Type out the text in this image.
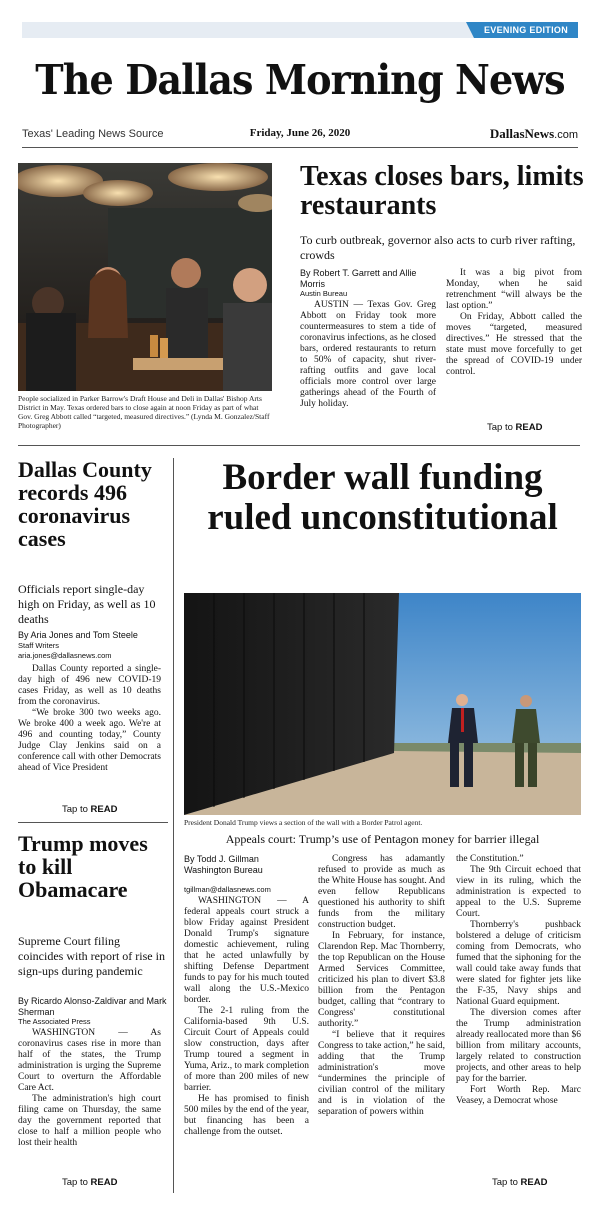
EVENING EDITION
The Dallas Morning News
Texas' Leading News Source	Friday, June 26, 2020	DallasNews.com
People socialized in Parker Barrow's Draft House and Deli in Dallas' Bishop Arts District in May. Texas ordered bars to close again at noon Friday as part of what Gov. Greg Abbott called “targeted, measured directives.” (Lynda M. Gonzalez/Staff Photographer)
Texas closes bars, limits restaurants
To curb outbreak, governor also acts to curb river rafting, crowds
By Robert T. Garrett and Allie Morris
Austin Bureau

AUSTIN — Texas Gov. Greg Abbott on Friday took more countermeasures to stem a tide of coronavirus infections, as he closed bars, ordered restaurants to return to 50% of capacity, shut river-rafting outfits and gave local officials more control over large gatherings ahead of the Fourth of July holiday.

It was a big pivot from Monday, when he said retrenchment “will always be the last option.”

On Friday, Abbott called the moves “targeted, measured directives.” He stressed that the state must move forcefully to get the spread of COVID-19 under control.

Tap to READ
Dallas County records 496 coronavirus cases
Officials report single-day high on Friday, as well as 10 deaths
By Aria Jones and Tom Steele
Staff Writers
aria.jones@dallasnews.com

Dallas County reported a single-day high of 496 new COVID-19 cases Friday, as well as 10 deaths from the coronavirus.

“We broke 300 two weeks ago. We broke 400 a week ago. We're at 496 and counting today,” County Judge Clay Jenkins said on a conference call with other Democrats ahead of Vice President

Tap to READ
Trump moves to kill Obamacare
Supreme Court filing coincides with report of rise in sign-ups during pandemic
By Ricardo Alonso-Zaldivar and Mark Sherman
The Associated Press

WASHINGTON — As coronavirus cases rise in more than half of the states, the Trump administration is urging the Supreme Court to overturn the Affordable Care Act.

The administration's high court filing came on Thursday, the same day the government reported that close to half a million people who lost their health

Tap to READ
Border wall funding ruled unconstitutional
President Donald Trump views a section of the wall with a Border Patrol agent.
Appeals court: Trump’s use of Pentagon money for barrier illegal
By Todd J. Gillman
Washington Bureau
tgillman@dallasnews.com

WASHINGTON — A federal appeals court struck a blow Friday against President Donald Trump's signature domestic achievement, ruling that he acted unlawfully by shifting Defense Department funds to pay for his much touted wall along the U.S.-Mexico border.

The 2-1 ruling from the California-based 9th U.S. Circuit Court of Appeals could slow construction, days after Trump toured a segment in Yuma, Ariz., to mark completion of more than 200 miles of new barrier.

He has promised to finish 500 miles by the end of the year, but financing has been a challenge from the outset.

Congress has adamantly refused to provide as much as the White House has sought. And even fellow Republicans questioned his authority to shift funds from the military construction budget.

In February, for instance, Clarendon Rep. Mac Thornberry, the top Republican on the House Armed Services Committee, criticized his plan to divert $3.8 billion from the Pentagon budget, calling that “contrary to Congress' constitutional authority.”

“I believe that it requires Congress to take action,” he said, adding that the Trump administration's move “undermines the principle of civilian control of the military and is in violation of the separation of powers within

the Constitution.”

The 9th Circuit echoed that view in its ruling, which the administration is expected to appeal to the U.S. Supreme Court.

Thornberry's pushback bolstered a deluge of criticism coming from Democrats, who fumed that the siphoning for the wall could take away funds that were slated for fighter jets like the F-35, Navy ships and National Guard equipment.

The diversion comes after the Trump administration already reallocated more than $6 billion from military accounts, largely related to construction projects, and other areas to help pay for the barrier.

Fort Worth Rep. Marc Veasey, a Democrat whose

Tap to READ
